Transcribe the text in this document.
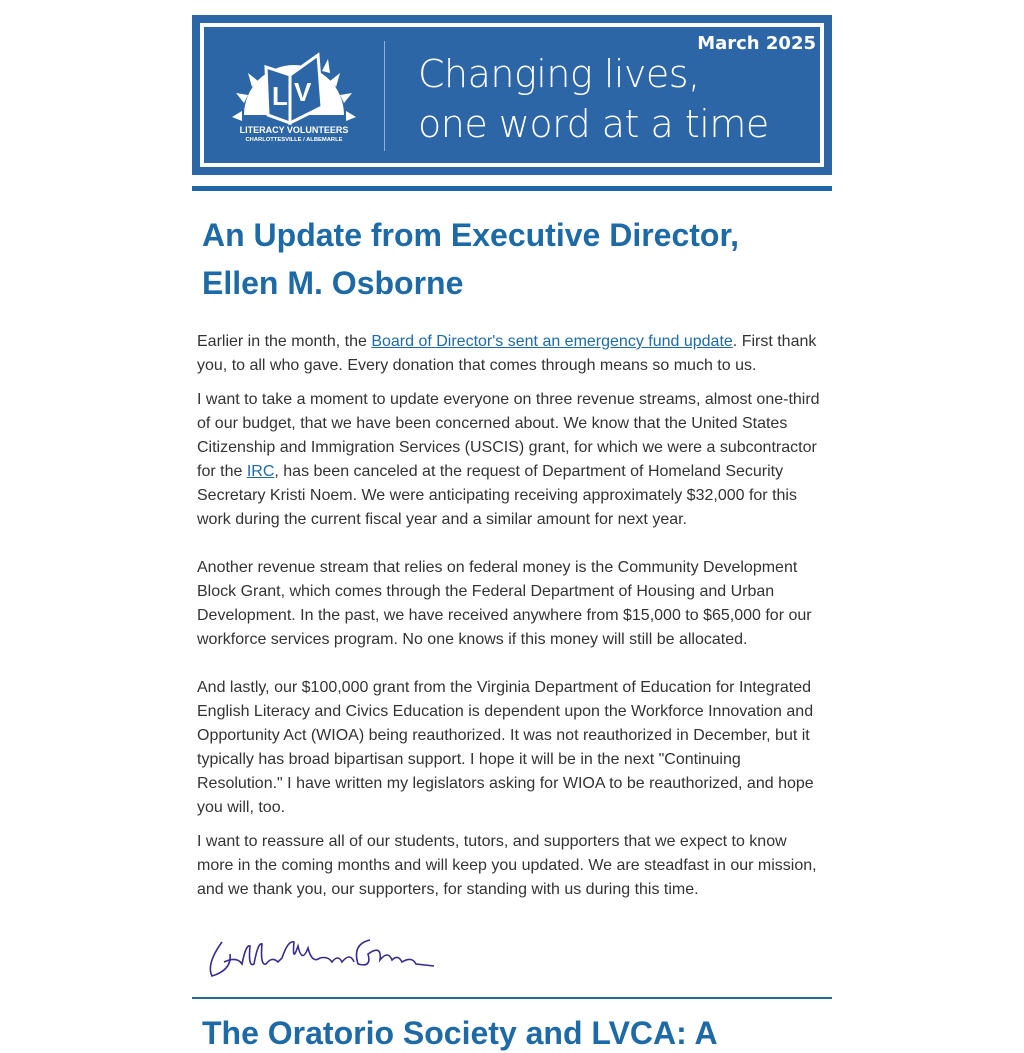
L V
LITERACY VOLUNTEERS
CHARLOTTESVILLE / ALBEMARLE
Changing lives,
one word at a time
March 2025
An Update from Executive Director,
Ellen M. Osborne

Earlier in the month, the Board of Director's sent an emergency fund update. First thank you, to all who gave. Every donation that comes through means so much to us.

I want to take a moment to update everyone on three revenue streams, almost one-third of our budget, that we have been concerned about. We know that the United States Citizenship and Immigration Services (USCIS) grant, for which we were a subcontractor for the IRC, has been canceled at the request of Department of Homeland Security Secretary Kristi Noem. We were anticipating receiving approximately $32,000 for this work during the current fiscal year and a similar amount for next year.

Another revenue stream that relies on federal money is the Community Development Block Grant, which comes through the Federal Department of Housing and Urban Development. In the past, we have received anywhere from $15,000 to $65,000 for our workforce services program. No one knows if this money will still be allocated.

And lastly, our $100,000 grant from the Virginia Department of Education for Integrated English Literacy and Civics Education is dependent upon the Workforce Innovation and Opportunity Act (WIOA) being reauthorized. It was not reauthorized in December, but it typically has broad bipartisan support. I hope it will be in the next "Continuing Resolution." I have written my legislators asking for WIOA to be reauthorized, and hope you will, too.

I want to reassure all of our students, tutors, and supporters that we expect to know more in the coming months and will keep you updated. We are steadfast in our mission, and we thank you, our supporters, for standing with us during this time.

The Oratorio Society and LVCA: A
